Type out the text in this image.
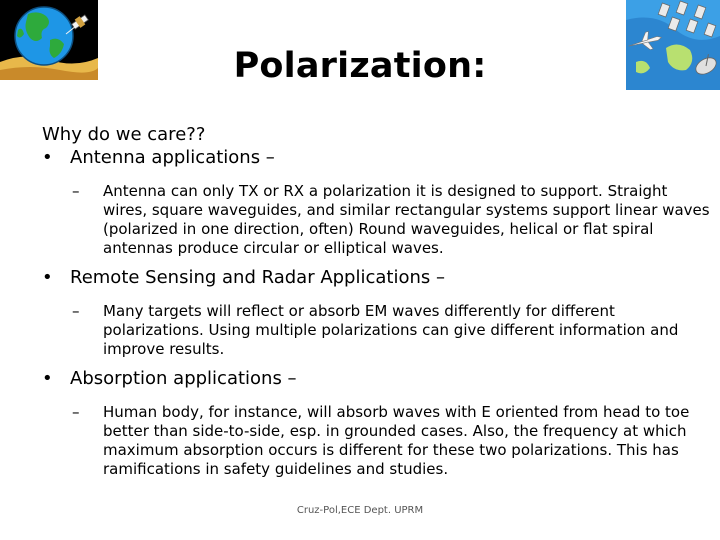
Polarization:

Why do we care??

• Antenna applications –
–	Antenna can only TX or RX a polarization it is designed to support. Straight wires, square waveguides, and similar rectangular systems support linear waves (polarized in one direction, often) Round waveguides, helical or flat spiral antennas produce circular or elliptical waves.
• Remote Sensing and Radar Applications –
–	Many targets will reflect or absorb EM waves differently for different polarizations. Using multiple polarizations can give different information and improve results.
• Absorption applications –
–	Human body, for instance, will absorb waves with E oriented from head to toe better than side-to-side, esp. in grounded cases. Also, the frequency at which maximum absorption occurs is different for these two polarizations. This has ramifications in safety guidelines and studies.
Cruz-Pol,ECE Dept. UPRM
